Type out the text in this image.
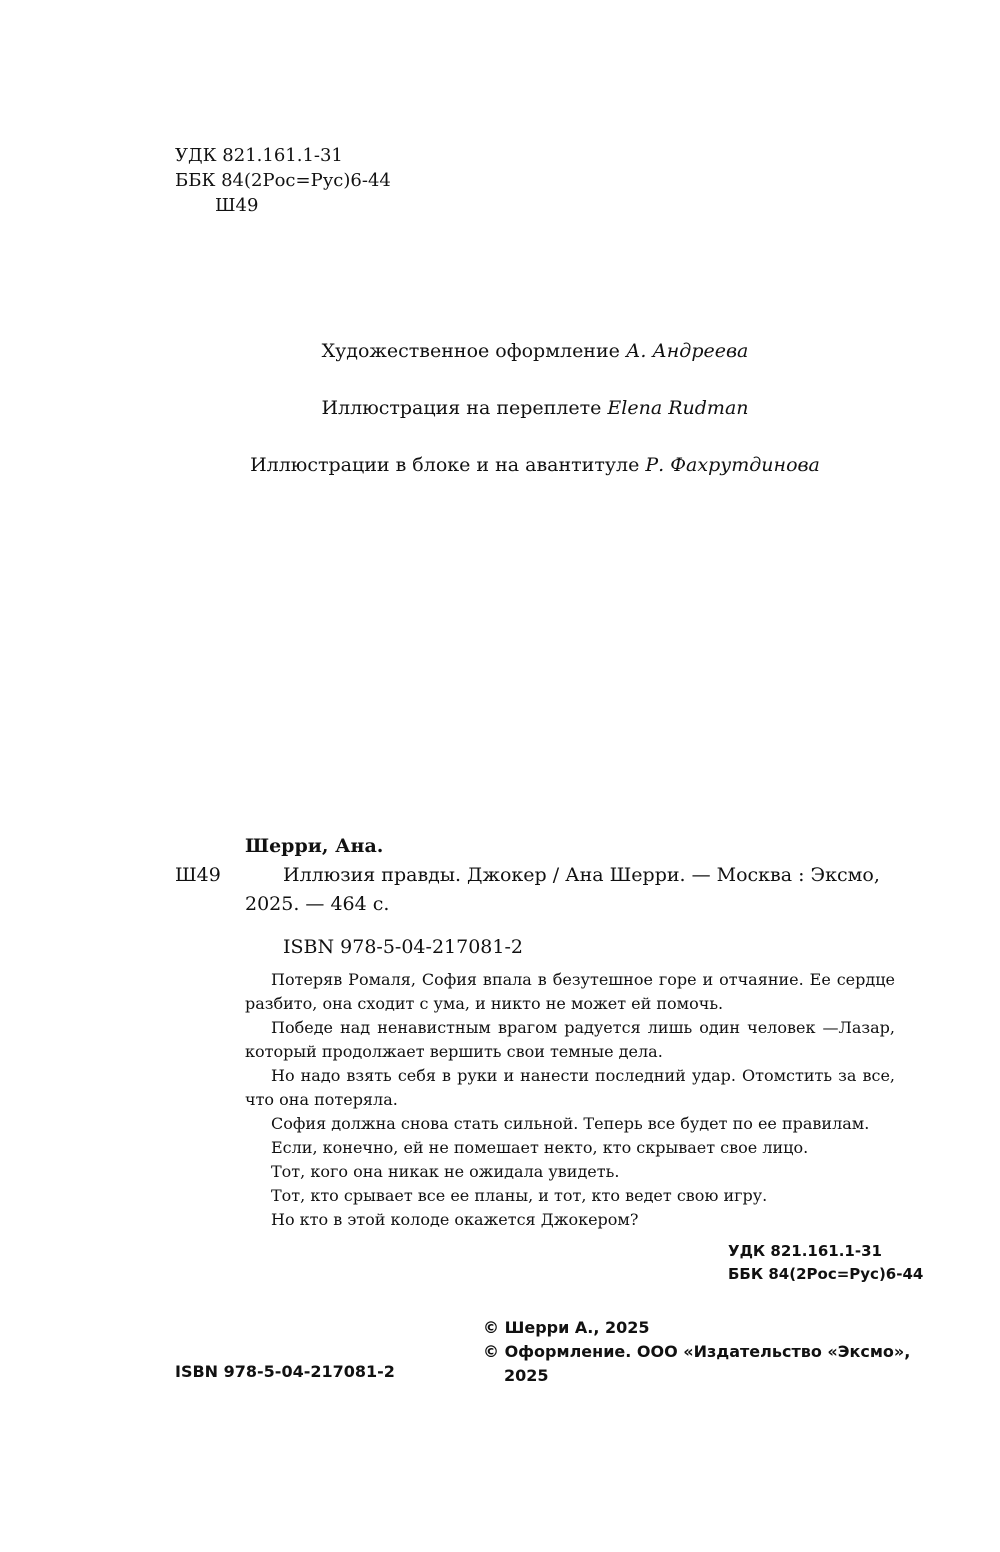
УДК 821.161.1-31
ББК 84(2Рос=Рус)6-44
Ш49
Художественное оформление А. Андреева
Иллюстрация на переплете Elena Rudman
Иллюстрации в блоке и на авантитуле Р. Фахрутдинова
Шерри, Ана.
Ш49	Иллюзия правды. Джокер / Ана Шерри. — Москва : Эксмо,
2025. — 464 с.
ISBN 978-5-04-217081-2
Потеряв Ромаля, София впала в безутешное горе и отчаяние. Ее сердце разбито, она сходит с ума, и никто не может ей помочь.
Победе над ненавистным врагом радуется лишь один человек —Лазар, который продолжает вершить свои темные дела.
Но надо взять себя в руки и нанести последний удар. Отомстить за все, что она потеряла.
София должна снова стать сильной. Теперь все будет по ее правилам.
Если, конечно, ей не помешает некто, кто скрывает свое лицо.
Тот, кого она никак не ожидала увидеть.
Тот, кто срывает все ее планы, и тот, кто ведет свою игру.
Но кто в этой колоде окажется Джокером?
УДК 821.161.1-31
ББК 84(2Рос=Рус)6-44
© Шерри А., 2025
© Оформление. ООО «Издательство «Эксмо»,
2025
ISBN 978-5-04-217081-2
